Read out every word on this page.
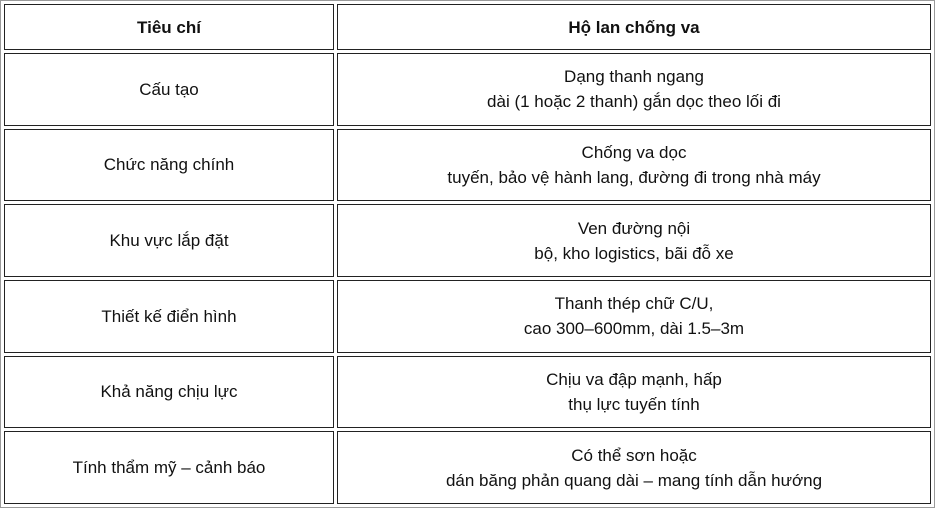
Tiêu chí	Hộ lan chống va
Cấu tạo	Dạng thanh ngang
dài (1 hoặc 2 thanh) gắn dọc theo lối đi

Chức năng chính	Chống va dọc
tuyến, bảo vệ hành lang, đường đi trong nhà máy

Khu vực lắp đặt	Ven đường nội
bộ, kho logistics, bãi đỗ xe

Thiết kế điển hình	Thanh thép chữ C/U,
cao 300–600mm, dài 1.5–3m

Khả năng chịu lực	Chịu va đập mạnh, hấp
thụ lực tuyến tính

Tính thẩm mỹ – cảnh báo	Có thể sơn hoặc
dán băng phản quang dài – mang tính dẫn hướng
